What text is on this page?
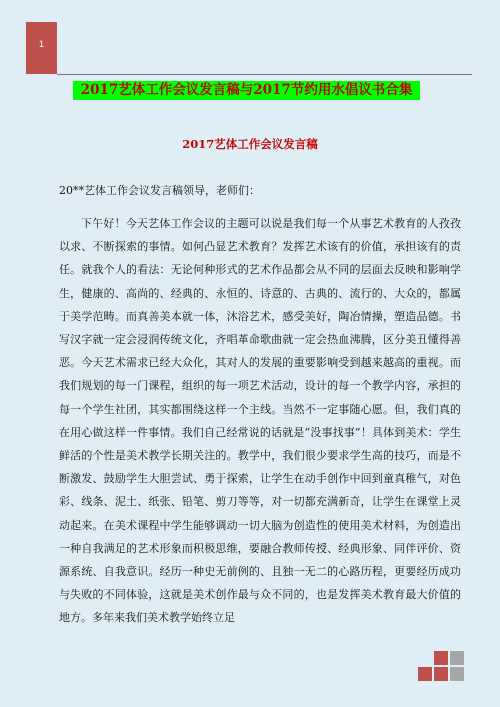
1
2017艺体工作会议发言稿与2017节约用水倡议书合集
2017艺体工作会议发言稿
20**艺体工作会议发言稿领导，老师们：

下午好！今天艺体工作会议的主题可以说是我们每一个从事艺术教育的人孜孜以求、不断探索的事情。如何凸显艺术教育？发挥艺术该有的价值，承担该有的责任。就我个人的看法：无论何种形式的艺术作品都会从不同的层面去反映和影响学生，健康的、高尚的、经典的、永恒的、诗意的、古典的、流行的、大众的，都属于美学范畴。而真善美本就一体，沐浴艺术，感受美好，陶冶情操，塑造品德。书写汉字就一定会浸润传统文化，齐唱革命歌曲就一定会热血沸腾，区分美丑懂得善恶。今天艺术需求已经大众化，其对人的发展的重要影响受到越来越高的重视。而我们规划的每一门课程，组织的每一项艺术活动，设计的每一个教学内容，承担的每一个学生社团，其实都围绕这样一个主线。当然不一定事随心愿。但，我们真的在用心做这样一件事情。我们自己经常说的话就是“没事找事”！具体到美术：学生鲜活的个性是美术教学长期关注的。教学中，我们很少要求学生高的技巧，而是不断激发、鼓励学生大胆尝试、勇于探索，让学生在动手创作中回到童真稚气，对色彩、线条、泥土、纸张、铅笔、剪刀等等，对一切都充满新奇，让学生在课堂上灵动起来。在美术课程中学生能够调动一切大脑为创造性的使用美术材料，为创造出一种自我满足的艺术形象而积极思维，要融合教师传授、经典形象、同伴评价、资源系统、自我意识。经历一种史无前例的、且独一无二的心路历程，更要经历成功与失败的不同体验，这就是美术创作最与众不同的，也是发挥美术教育最大价值的地方。多年来我们美术教学始终立足
